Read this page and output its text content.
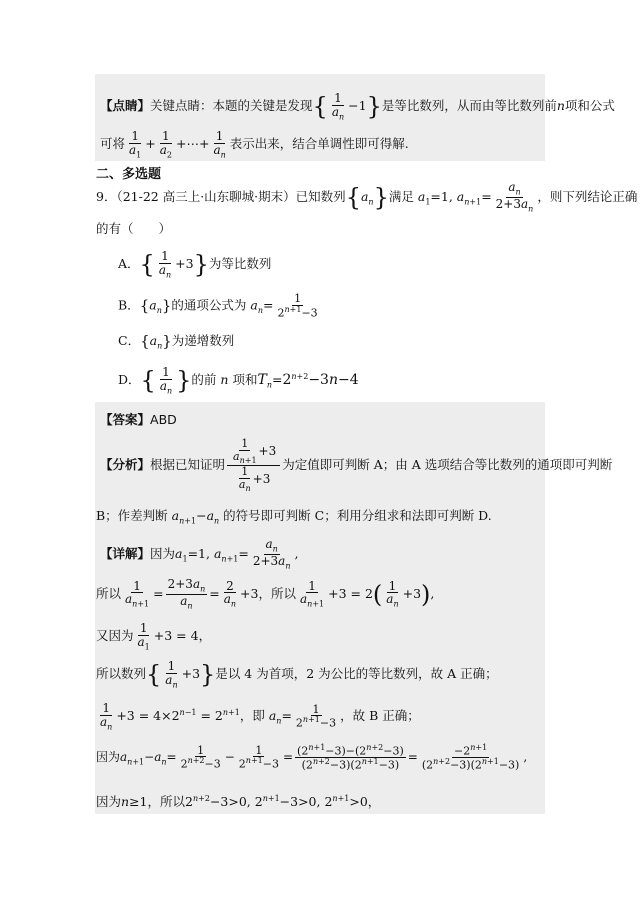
【点睛】关键点睛：本题的关键是发现{ $\frac{1}{a_n} -1$}是等比数列，从而由等比数列前n项和公式
可将 $\frac{1}{a_1} + \frac{1}{a_2}$ +⋯+ $\frac{1}{a_n}$ 表示出来，结合单调性即可得解.
二、多选题
9．（21-22 高三上·山东聊城·期末）已知数列$\{a_n\}$满足 $a_1=1$, $a_{n+1}= \frac{a_n}{2+3a_n}$ ，则下列结论正确
的有（　　）
A．{ $\frac{1}{a_n} +3$}为等比数列
B．$\{a_n\}$的通项公式为 $a_n= \frac{1}{2^{n+1}-3}$
C．$\{a_n\}$为递增数列
D．{ $\frac{1}{a_n}$ }的前 n 项和$T_n=2^{n+2}-3n-4$
【答案】ABD
【分析】根据已知证明 $\frac{\frac{1}{a_{n+1}} +3}{\frac{1}{a_n} +3}$ 为定值即可判断 A；由 A 选项结合等比数列的通项即可判断
B；作差判断 $a_{n+1}-a_n$ 的符号即可判断 C；利用分组求和法即可判断 D.
【详解】因为$a_1=1$, $a_{n+1}= \frac{a_n}{2+3a_n}$ ,
所以 $\frac{1}{a_{n+1}} = \frac{2+3a_n}{a_n} = \frac{2}{a_n} +3$，所以 $\frac{1}{a_{n+1}} +3 = 2( \frac{1}{a_n} +3)$,
又因为 $\frac{1}{a_1} +3 = 4$，
所以数列{ $\frac{1}{a_n} +3$}是以 4 为首项，2 为公比的等比数列，故 A 正确；
$\frac{1}{a_n} +3 = 4\times 2^{n-1} = 2^{n+1}$，即 $a_n= \frac{1}{2^{n+1}-3}$ ，故 B 正确；
因为$a_{n+1}-a_n= \frac{1}{2^{n+2}-3} - \frac{1}{2^{n+1}-3} = \frac{(2^{n+1}-3)-(2^{n+2}-3)}{(2^{n+2}-3)(2^{n+1}-3)} = \frac{-2^{n+1}}{(2^{n+2}-3)(2^{n+1}-3)}$ ,
因为n≥1，所以$2^{n+2}-3>0$, $2^{n+1}-3>0$, $2^{n+1}>0$，
